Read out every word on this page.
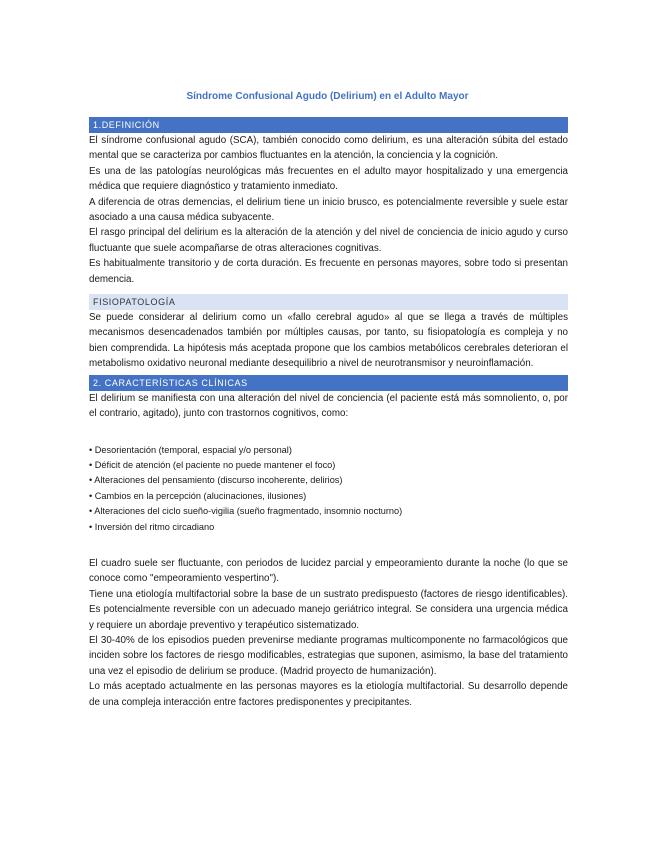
Síndrome Confusional Agudo (Delirium) en el Adulto Mayor
1.DEFINICIÓN

El síndrome confusional agudo (SCA), también conocido como delirium, es una alteración súbita del estado mental que se caracteriza por cambios fluctuantes en la atención, la conciencia y la cognición.

Es una de las patologías neurológicas más frecuentes en el adulto mayor hospitalizado y una emergencia médica que requiere diagnóstico y tratamiento inmediato.

A diferencia de otras demencias, el delirium tiene un inicio brusco, es potencialmente reversible y suele estar asociado a una causa médica subyacente.

El rasgo principal del delirium es la alteración de la atención y del nivel de conciencia de inicio agudo y curso fluctuante que suele acompañarse de otras alteraciones cognitivas.

Es habitualmente transitorio y de corta duración. Es frecuente en personas mayores, sobre todo si presentan demencia.

FISIOPATOLOGÍA

Se puede considerar al delirium como un «fallo cerebral agudo» al que se llega a través de múltiples mecanismos desencadenados también por múltiples causas, por tanto, su fisiopatología es compleja y no bien comprendida. La hipótesis más aceptada propone que los cambios metabólicos cerebrales deterioran el metabolismo oxidativo neuronal mediante desequilibrio a nivel de neurotransmisor y neuroinflamación.

2. CARACTERÍSTICAS CLÍNICAS

El delirium se manifiesta con una alteración del nivel de conciencia (el paciente está más somnoliento, o, por el contrario, agitado), junto con trastornos cognitivos, como:

• Desorientación (temporal, espacial y/o personal)
• Déficit de atención (el paciente no puede mantener el foco)
• Alteraciones del pensamiento (discurso incoherente, delirios)
• Cambios en la percepción (alucinaciones, ilusiones)
• Alteraciones del ciclo sueño-vigilia (sueño fragmentado, insomnio nocturno)
• Inversión del ritmo circadiano

El cuadro suele ser fluctuante, con periodos de lucidez parcial y empeoramiento durante la noche (lo que se conoce como "empeoramiento vespertino").

Tiene una etiología multifactorial sobre la base de un sustrato predispuesto (factores de riesgo identificables). Es potencialmente reversible con un adecuado manejo geriátrico integral. Se considera una urgencia médica y requiere un abordaje preventivo y terapéutico sistematizado.

El 30-40% de los episodios pueden prevenirse mediante programas multicomponente no farmacológicos que inciden sobre los factores de riesgo modificables, estrategias que suponen, asimismo, la base del tratamiento una vez el episodio de delirium se produce. (Madrid proyecto de humanización).

Lo más aceptado actualmente en las personas mayores es la etiología multifactorial. Su desarrollo depende de una compleja interacción entre factores predisponentes y precipitantes.
